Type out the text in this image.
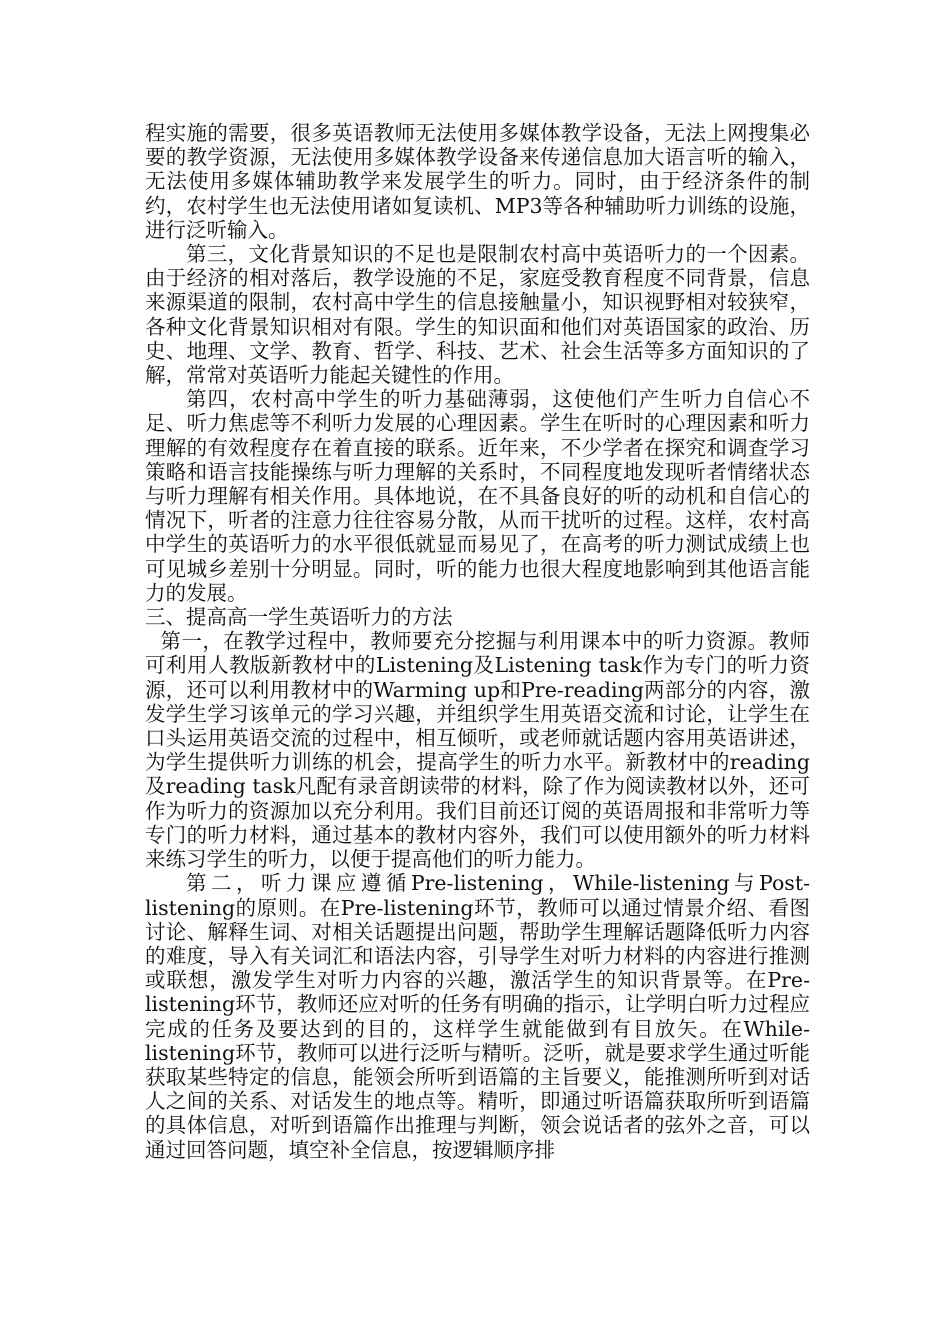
程实施的需要，很多英语教师无法使用多媒体教学设备，无法上网搜集必要的教学资源，无法使用多媒体教学设备来传递信息加大语言听的输入，无法使用多媒体辅助教学来发展学生的听力。同时，由于经济条件的制约，农村学生也无法使用诸如复读机、MP3等各种辅助听力训练的设施，进行泛听输入。

第三，文化背景知识的不足也是限制农村高中英语听力的一个因素。由于经济的相对落后，教学设施的不足，家庭受教育程度不同背景，信息来源渠道的限制，农村高中学生的信息接触量小，知识视野相对较狭窄，各种文化背景知识相对有限。学生的知识面和他们对英语国家的政治、历史、地理、文学、教育、哲学、科技、艺术、社会生活等多方面知识的了解，常常对英语听力能起关键性的作用。

第四，农村高中学生的听力基础薄弱，这使他们产生听力自信心不足、听力焦虑等不利听力发展的心理因素。学生在听时的心理因素和听力理解的有效程度存在着直接的联系。近年来，不少学者在探究和调查学习策略和语言技能操练与听力理解的关系时，不同程度地发现听者情绪状态与听力理解有相关作用。具体地说，在不具备良好的听的动机和自信心的情况下，听者的注意力往往容易分散，从而干扰听的过程。这样，农村高中学生的英语听力的水平很低就显而易见了，在高考的听力测试成绩上也可见城乡差别十分明显。同时，听的能力也很大程度地影响到其他语言能力的发展。

三、提高高一学生英语听力的方法

第一，在教学过程中，教师要充分挖掘与利用课本中的听力资源。教师可利用人教版新教材中的Listening及Listening task作为专门的听力资源，还可以利用教材中的Warming up和Pre-reading两部分的内容，激发学生学习该单元的学习兴趣，并组织学生用英语交流和讨论，让学生在口头运用英语交流的过程中，相互倾听，或老师就话题内容用英语讲述，为学生提供听力训练的机会，提高学生的听力水平。新教材中的reading及reading task凡配有录音朗读带的材料，除了作为阅读教材以外，还可作为听力的资源加以充分利用。我们目前还订阅的英语周报和非常听力等专门的听力材料，通过基本的教材内容外，我们可以使用额外的听力材料来练习学生的听力，以便于提高他们的听力能力。

第二，听力课应遵循Pre-listening，While-listening与Post-listening的原则。在Pre-listening环节，教师可以通过情景介绍、看图讨论、解释生词、对相关话题提出问题，帮助学生理解话题降低听力内容的难度，导入有关词汇和语法内容，引导学生对听力材料的内容进行推测或联想，激发学生对听力内容的兴趣，激活学生的知识背景等。在Pre-listening环节，教师还应对听的任务有明确的指示，让学明白听力过程应完成的任务及要达到的目的，这样学生就能做到有目放矢。在While-listening环节，教师可以进行泛听与精听。泛听，就是要求学生通过听能获取某些特定的信息，能领会所听到语篇的主旨要义，能推测所听到对话人之间的关系、对话发生的地点等。精听，即通过听语篇获取所听到语篇的具体信息，对听到语篇作出推理与判断，领会说话者的弦外之音，可以通过回答问题，填空补全信息，按逻辑顺序排
